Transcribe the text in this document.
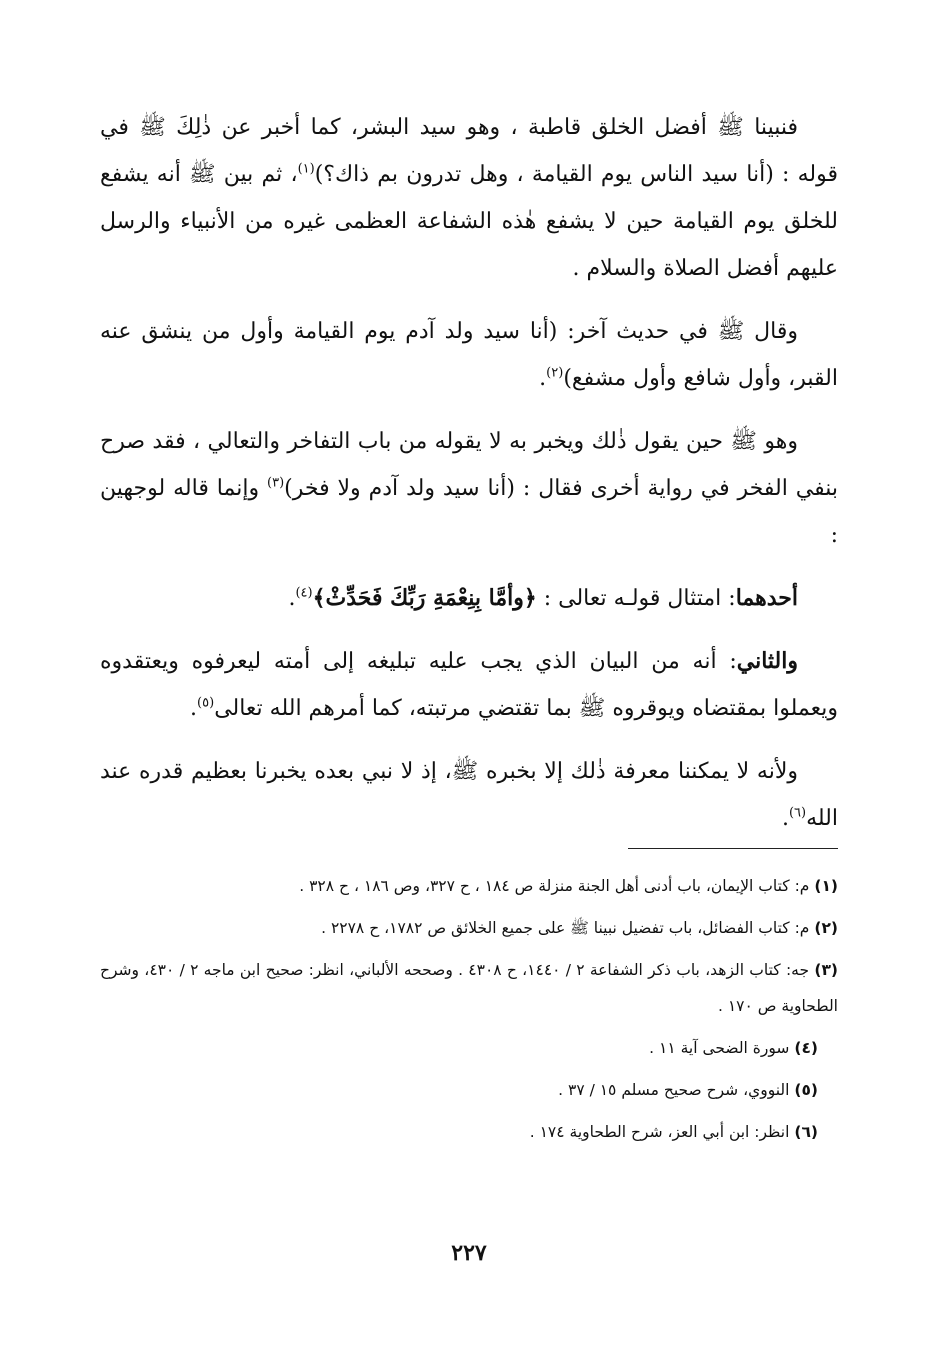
فنبينا ﷺ أفضل الخلق قاطبة ، وهو سيد البشر، كما أخبر عن ذٰلِكَ ﷺ في قوله : (أنا سيد الناس يوم القيامة ، وهل تدرون بم ذاك؟)$^{(١)}$، ثم بين ﷺ أنه يشفع للخلق يوم القيامة حين لا يشفع هٰذه الشفاعة العظمى غيره من الأنبياء والرسل عليهم أفضل الصلاة والسلام .

وقال ﷺ في حديث آخر: (أنا سيد ولد آدم يوم القيامة وأول من ينشق عنه القبر، وأول شافع وأول مشفع)$^{(٢)}$.

وهو ﷺ حين يقول ذٰلك ويخبر به لا يقوله من باب التفاخر والتعالي ، فقد صرح بنفي الفخر في رواية أخرى فقال : (أنا سيد ولد آدم ولا فخر)$^{(٣)}$ وإنما قاله لوجهين :

أحدهما: امتثال قولـه تعالى : ﴿وأمَّا بِنِعْمَةِ رَبِّكَ فَحَدِّثْ﴾$^{(٤)}$.

والثاني: أنه من البيان الذي يجب عليه تبليغه إلى أمته ليعرفوه ويعتقدوه ويعملوا بمقتضاه ويوقروه ﷺ بما تقتضي مرتبته، كما أمرهم الله تعالى$^{(٥)}$.

ولأنه لا يمكننا معرفة ذٰلك إلا بخبره ﷺ، إذ لا نبي بعده يخبرنا بعظيم قدره عند الله$^{(٦)}$.

(١) م: كتاب الإيمان، باب أدنى أهل الجنة منزلة ص ١٨٤ ، ح ٣٢٧، وص ١٨٦ ، ح ٣٢٨ .
(٢) م: كتاب الفضائل، باب تفضيل نبينا ﷺ على جميع الخلائق ص ١٧٨٢، ح ٢٢٧٨ .
(٣) جه: كتاب الزهد، باب ذكر الشفاعة ٢ / ١٤٤٠، ح ٤٣٠٨ . وصححه الألباني، انظر: صحيح ابن ماجه ٢ / ٤٣٠، وشرح الطحاوية ص ١٧٠ .
(٤) سورة الضحى آية ١١ .
(٥) النووي، شرح صحيح مسلم ١٥ / ٣٧ .
(٦) انظر: ابن أبي العز، شرح الطحاوية ١٧٤ .
٢٢٧
